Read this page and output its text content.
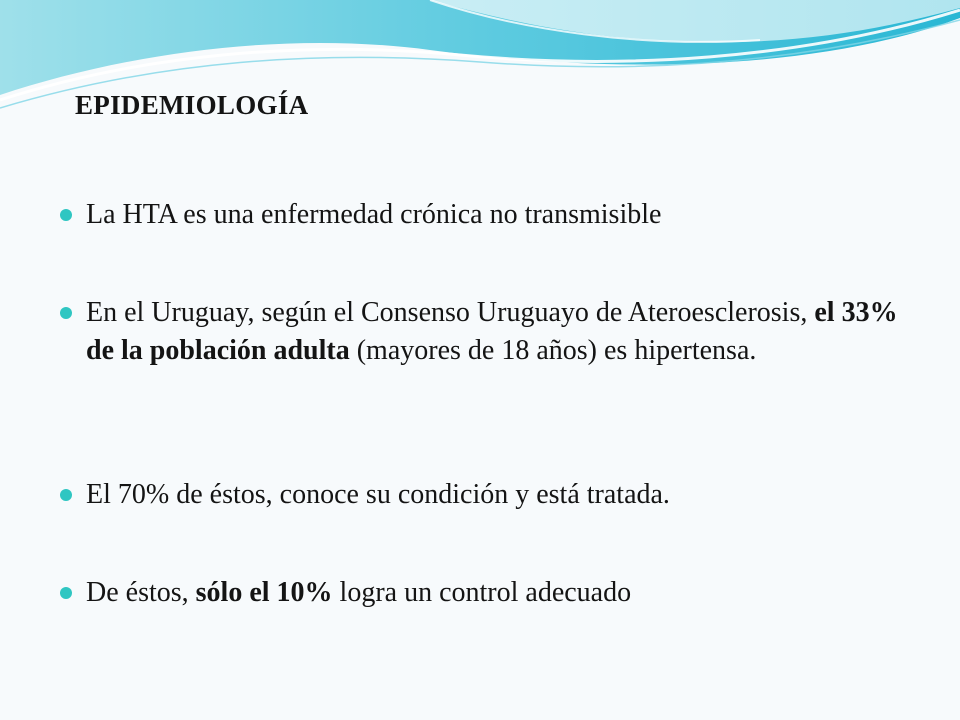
EPIDEMIOLOGÍA
La HTA es una enfermedad crónica no transmisible
En el Uruguay, según el Consenso Uruguayo de Ateroesclerosis, el 33% de la población adulta (mayores de 18 años) es hipertensa.
El 70% de éstos, conoce su condición y está tratada.
De éstos, sólo el 10% logra un control adecuado
